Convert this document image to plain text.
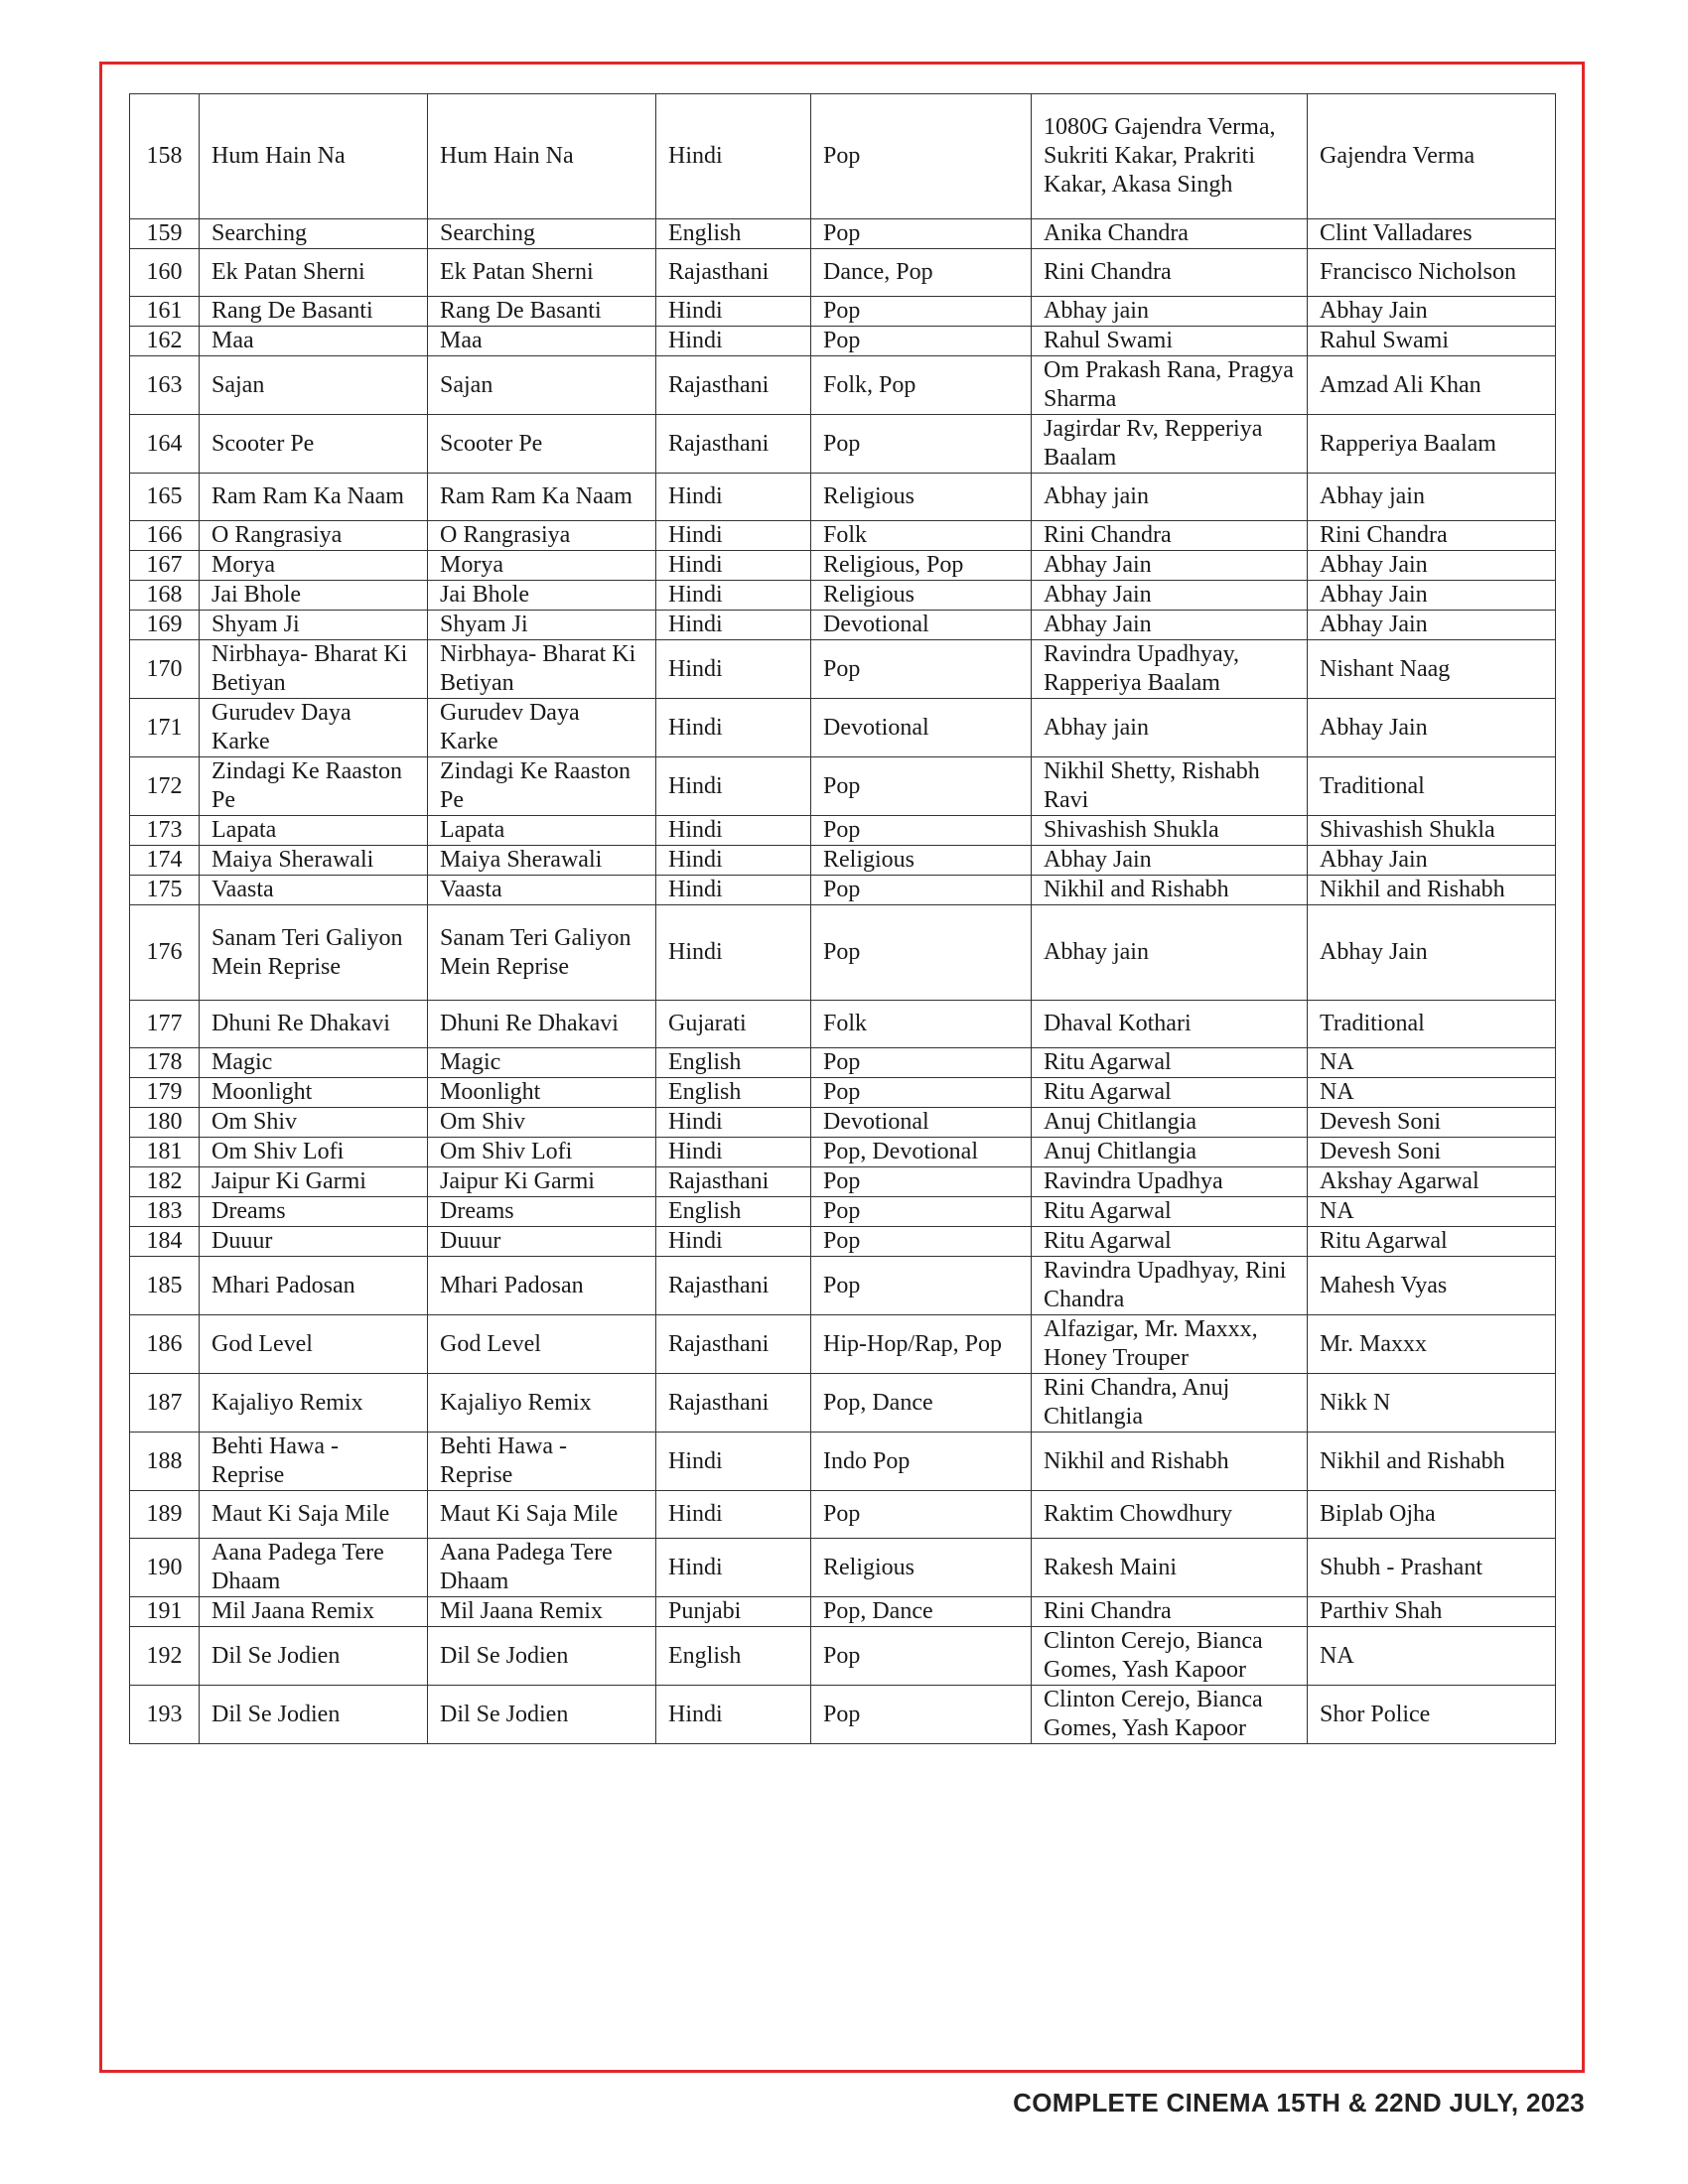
158	Hum Hain Na	Hum Hain Na	Hindi	Pop	1080G Gajendra Verma, Sukriti Kakar, Prakriti Kakar, Akasa Singh	Gajendra Verma
159	Searching	Searching	English	Pop	Anika Chandra	Clint Valladares
160	Ek Patan Sherni	Ek Patan Sherni	Rajasthani	Dance, Pop	Rini Chandra	Francisco Nicholson
161	Rang De Basanti	Rang De Basanti	Hindi	Pop	Abhay jain	Abhay Jain
162	Maa	Maa	Hindi	Pop	Rahul Swami	Rahul Swami
163	Sajan	Sajan	Rajasthani	Folk, Pop	Om Prakash Rana, Pragya Sharma	Amzad Ali Khan
164	Scooter Pe	Scooter Pe	Rajasthani	Pop	Jagirdar Rv, Repperiya Baalam	Rapperiya Baalam
165	Ram Ram Ka Naam	Ram Ram Ka Naam	Hindi	Religious	Abhay jain	Abhay jain
166	O Rangrasiya	O Rangrasiya	Hindi	Folk	Rini Chandra	Rini Chandra
167	Morya	Morya	Hindi	Religious, Pop	Abhay Jain	Abhay Jain
168	Jai Bhole	Jai Bhole	Hindi	Religious	Abhay Jain	Abhay Jain
169	Shyam Ji	Shyam Ji	Hindi	Devotional	Abhay Jain	Abhay Jain
170	Nirbhaya- Bharat Ki Betiyan	Nirbhaya- Bharat Ki Betiyan	Hindi	Pop	Ravindra Upadhyay, Rapperiya Baalam	Nishant Naag
171	Gurudev Daya Karke	Gurudev Daya Karke	Hindi	Devotional	Abhay jain	Abhay Jain
172	Zindagi Ke Raaston Pe	Zindagi Ke Raaston Pe	Hindi	Pop	Nikhil Shetty, Rishabh Ravi	Traditional
173	Lapata	Lapata	Hindi	Pop	Shivashish Shukla	Shivashish Shukla
174	Maiya Sherawali	Maiya Sherawali	Hindi	Religious	Abhay Jain	Abhay Jain
175	Vaasta	Vaasta	Hindi	Pop	Nikhil and Rishabh	Nikhil and Rishabh
176	Sanam Teri Galiyon Mein Reprise	Sanam Teri Galiyon Mein Reprise	Hindi	Pop	Abhay jain	Abhay Jain
177	Dhuni Re Dhakavi	Dhuni Re Dhakavi	Gujarati	Folk	Dhaval Kothari	Traditional
178	Magic	Magic	English	Pop	Ritu Agarwal	NA
179	Moonlight	Moonlight	English	Pop	Ritu Agarwal	NA
180	Om Shiv	Om Shiv	Hindi	Devotional	Anuj Chitlangia	Devesh Soni
181	Om Shiv Lofi	Om Shiv Lofi	Hindi	Pop, Devotional	Anuj Chitlangia	Devesh Soni
182	Jaipur Ki Garmi	Jaipur Ki Garmi	Rajasthani	Pop	Ravindra Upadhya	Akshay Agarwal
183	Dreams	Dreams	English	Pop	Ritu Agarwal	NA
184	Duuur	Duuur	Hindi	Pop	Ritu Agarwal	Ritu Agarwal
185	Mhari Padosan	Mhari Padosan	Rajasthani	Pop	Ravindra Upadhyay, Rini Chandra	Mahesh Vyas
186	God Level	God Level	Rajasthani	Hip-Hop/Rap, Pop	Alfazigar, Mr. Maxxx, Honey Trouper	Mr. Maxxx
187	Kajaliyo Remix	Kajaliyo Remix	Rajasthani	Pop, Dance	Rini Chandra, Anuj Chitlangia	Nikk N
188	Behti Hawa - Reprise	Behti Hawa - Reprise	Hindi	Indo Pop	Nikhil and Rishabh	Nikhil and Rishabh
189	Maut Ki Saja Mile	Maut Ki Saja Mile	Hindi	Pop	Raktim Chowdhury	Biplab Ojha
190	Aana Padega Tere Dhaam	Aana Padega Tere Dhaam	Hindi	Religious	Rakesh Maini	Shubh - Prashant
191	Mil Jaana Remix	Mil Jaana Remix	Punjabi	Pop, Dance	Rini Chandra	Parthiv Shah
192	Dil Se Jodien	Dil Se Jodien	English	Pop	Clinton Cerejo, Bianca Gomes, Yash Kapoor	NA
193	Dil Se Jodien	Dil Se Jodien	Hindi	Pop	Clinton Cerejo, Bianca Gomes, Yash Kapoor	Shor Police
COMPLETE CINEMA 15TH & 22ND JULY, 2023
